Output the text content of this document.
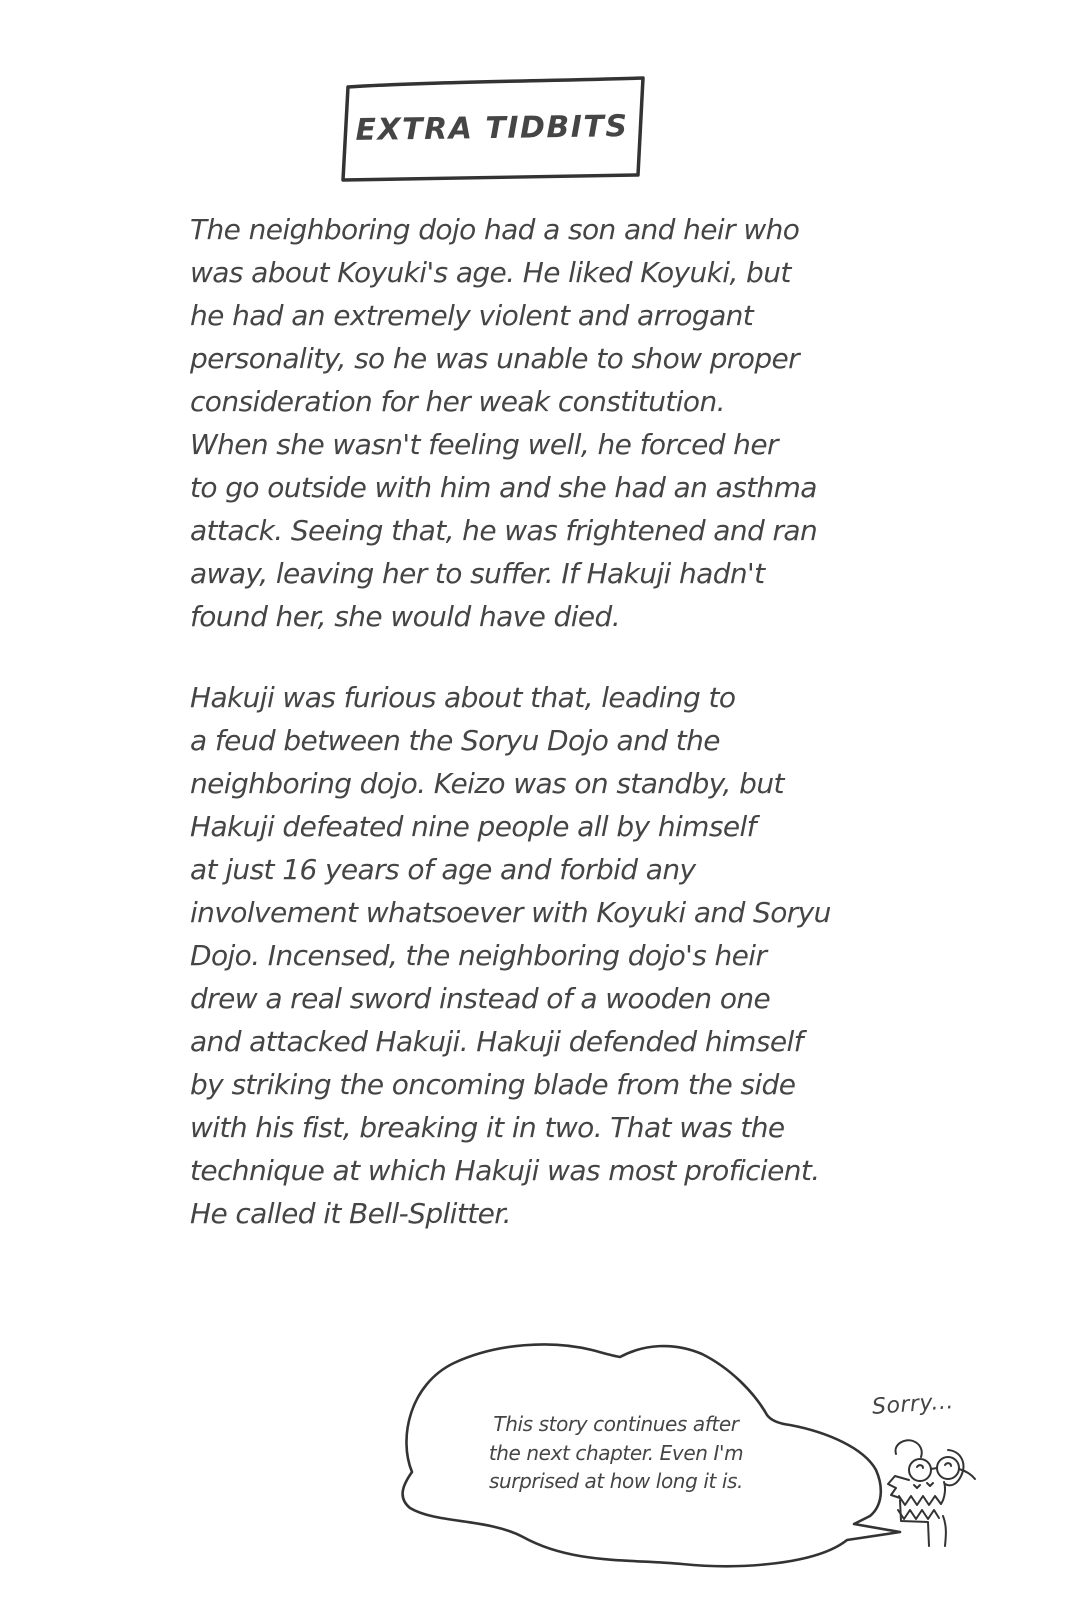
EXTRA TIDBITS
The neighboring dojo had a son and heir who
was about Koyuki's age. He liked Koyuki, but
he had an extremely violent and arrogant
personality, so he was unable to show proper
consideration for her weak constitution.
When she wasn't feeling well, he forced her
to go outside with him and she had an asthma
attack. Seeing that, he was frightened and ran
away, leaving her to suffer. If Hakuji hadn't
found her, she would have died.
Hakuji was furious about that, leading to
a feud between the Soryu Dojo and the
neighboring dojo. Keizo was on standby, but
Hakuji defeated nine people all by himself
at just 16 years of age and forbid any
involvement whatsoever with Koyuki and Soryu
Dojo. Incensed, the neighboring dojo's heir
drew a real sword instead of a wooden one
and attacked Hakuji. Hakuji defended himself
by striking the oncoming blade from the side
with his fist, breaking it in two. That was the
technique at which Hakuji was most proficient.
He called it Bell-Splitter.
This story continues after
the next chapter. Even I'm
surprised at how long it is.
Sorry...
